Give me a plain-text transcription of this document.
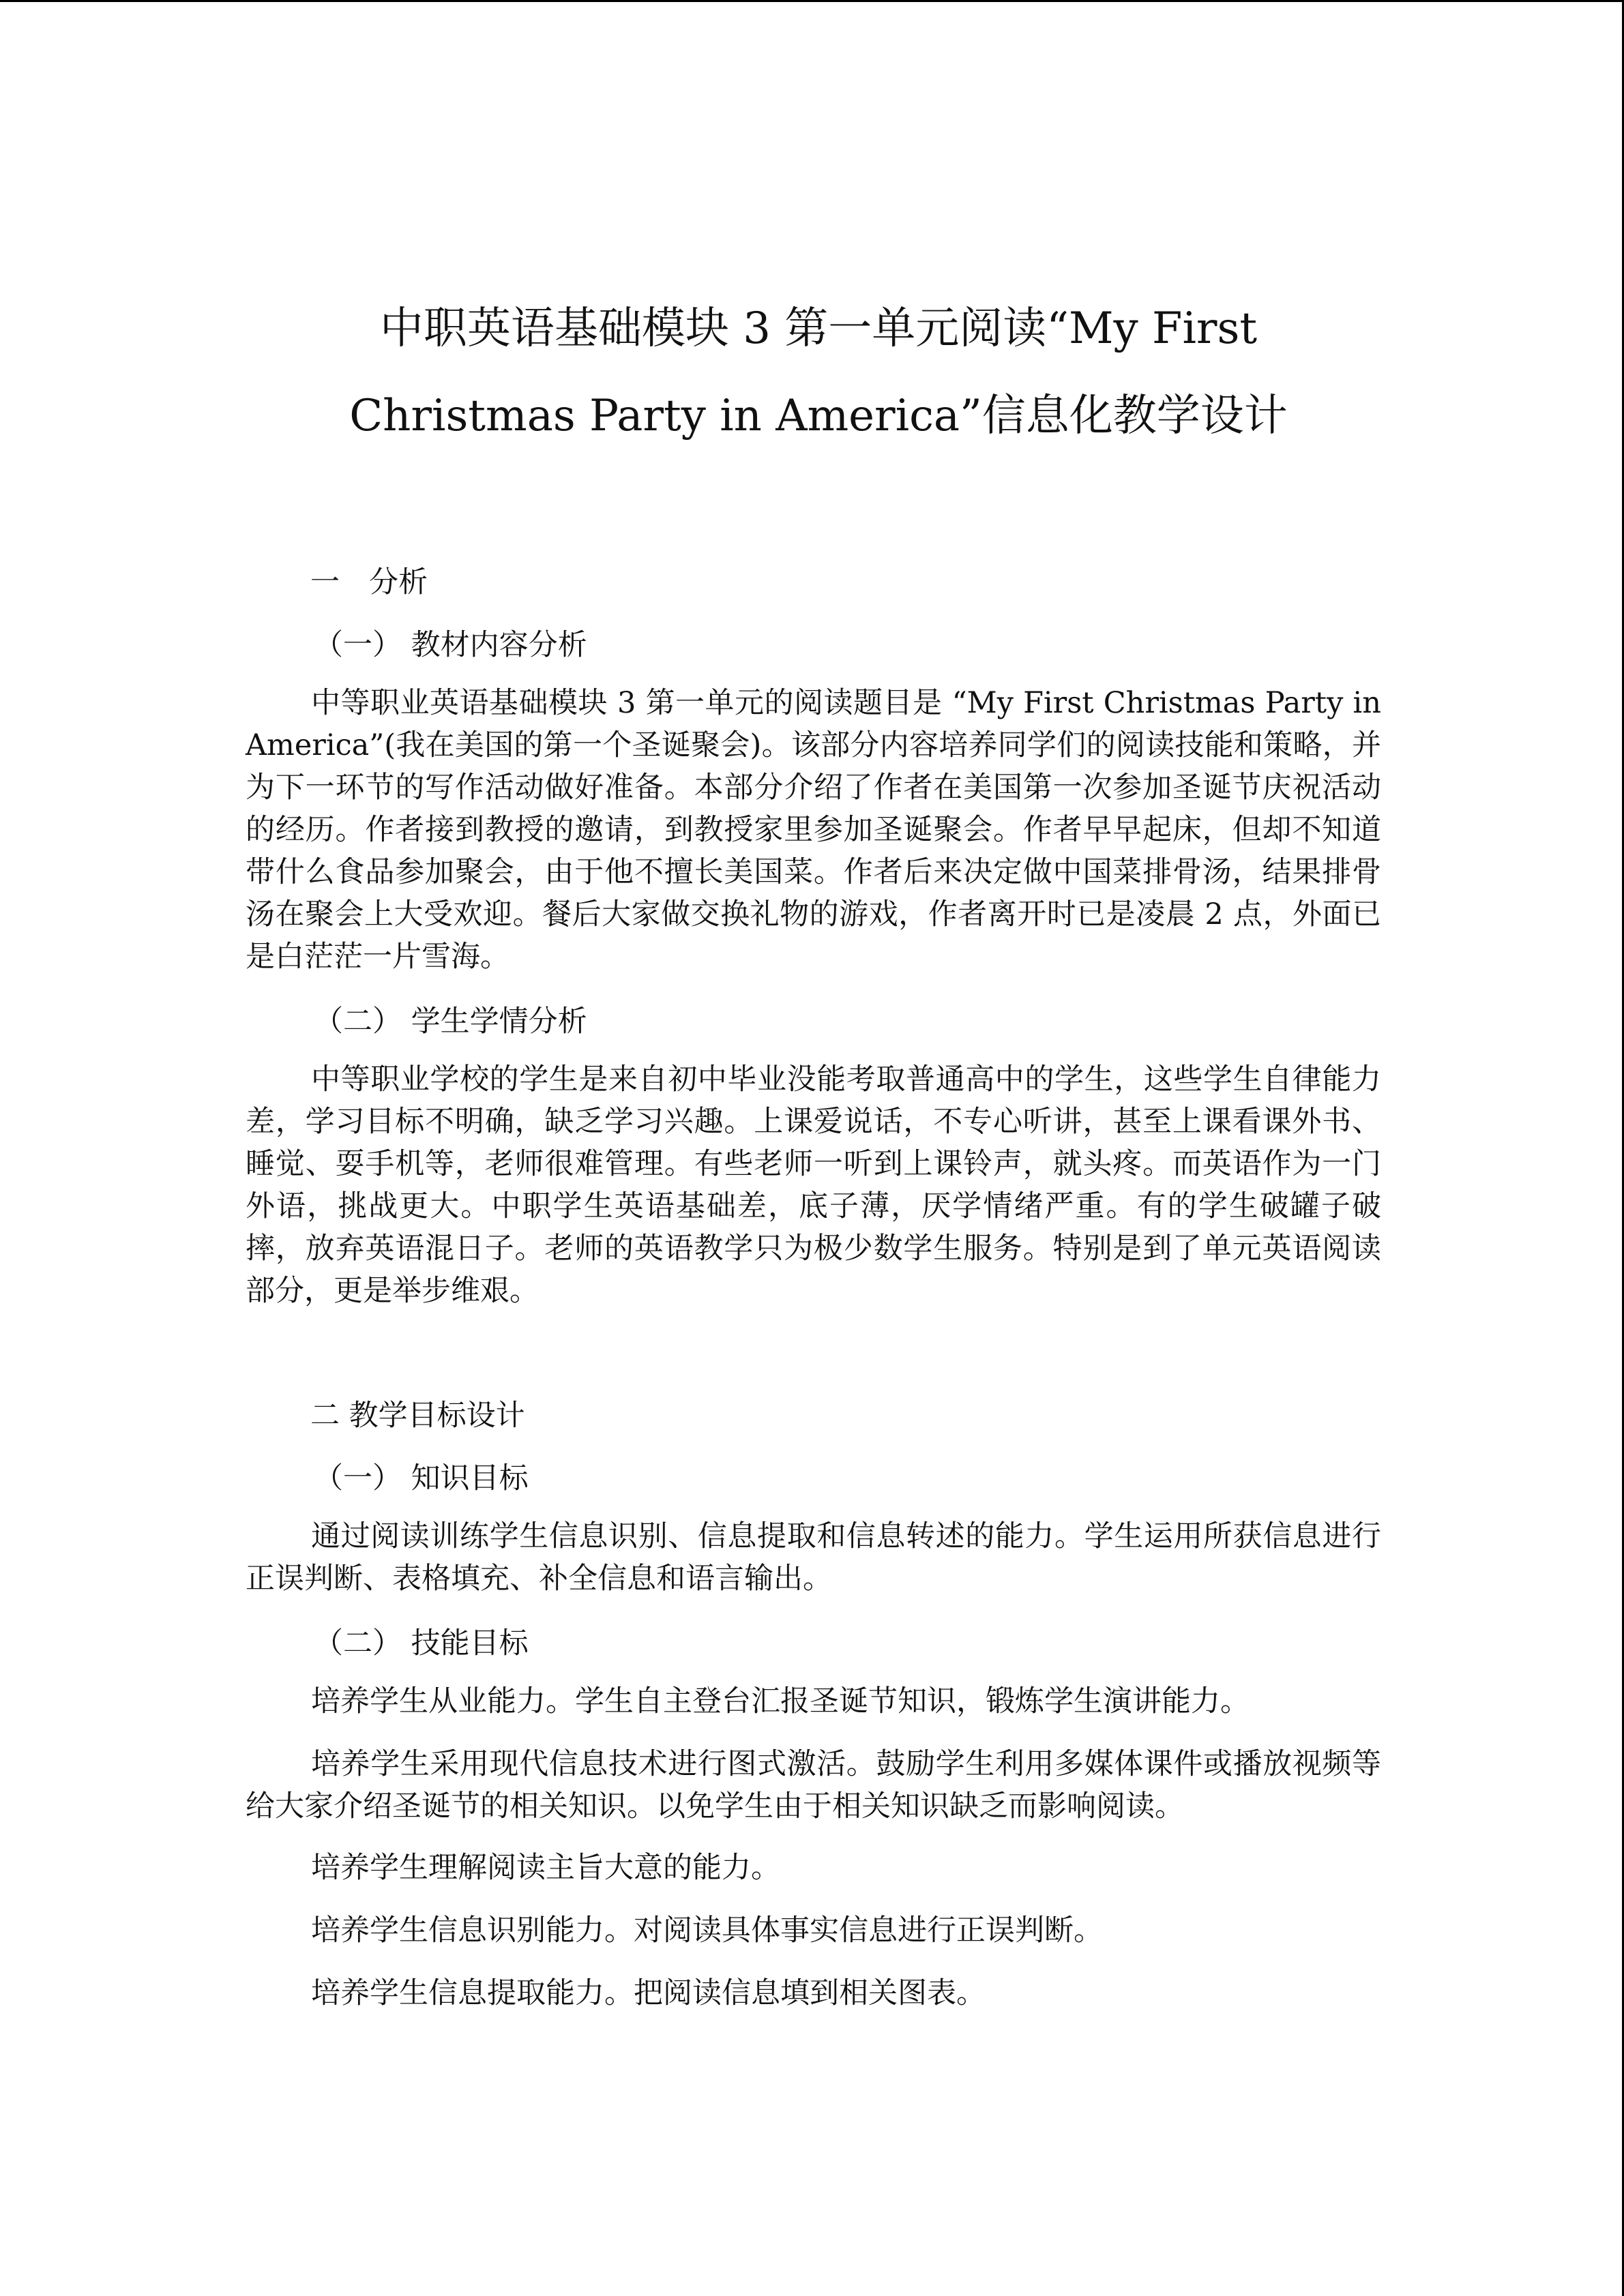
中职英语基础模块 3 第一单元阅读“My First
Christmas Party in America”信息化教学设计
一　分析
（一） 教材内容分析

中等职业英语基础模块 3 第一单元的阅读题目是 “My First Christmas Party in　America”(我在美国的第一个圣诞聚会)。该部分内容培养同学们的阅读技能和策略，并为下一环节的写作活动做好准备。本部分介绍了作者在美国第一次参加圣诞节庆祝活动的经历。作者接到教授的邀请，到教授家里参加圣诞聚会。作者早早起床，但却不知道带什么食品参加聚会，由于他不擅长美国菜。作者后来决定做中国菜排骨汤，结果排骨汤在聚会上大受欢迎。餐后大家做交换礼物的游戏，作者离开时已是凌晨 2 点，外面已是白茫茫一片雪海。

（二） 学生学情分析

中等职业学校的学生是来自初中毕业没能考取普通高中的学生，这些学生自律能力差，学习目标不明确，缺乏学习兴趣。上课爱说话，不专心听讲，甚至上课看课外书、睡觉、耍手机等，老师很难管理。有些老师一听到上课铃声，就头疼。而英语作为一门外语，挑战更大。中职学生英语基础差，底子薄，厌学情绪严重。有的学生破罐子破摔，放弃英语混日子。老师的英语教学只为极少数学生服务。特别是到了单元英语阅读部分，更是举步维艰。

二 教学目标设计
（一） 知识目标

通过阅读训练学生信息识别、信息提取和信息转述的能力。学生运用所获信息进行正误判断、表格填充、补全信息和语言输出。

（二） 技能目标

培养学生从业能力。学生自主登台汇报圣诞节知识，锻炼学生演讲能力。

培养学生采用现代信息技术进行图式激活。鼓励学生利用多媒体课件或播放视频等给大家介绍圣诞节的相关知识。以免学生由于相关知识缺乏而影响阅读。

培养学生理解阅读主旨大意的能力。

培养学生信息识别能力。对阅读具体事实信息进行正误判断。

培养学生信息提取能力。把阅读信息填到相关图表。
